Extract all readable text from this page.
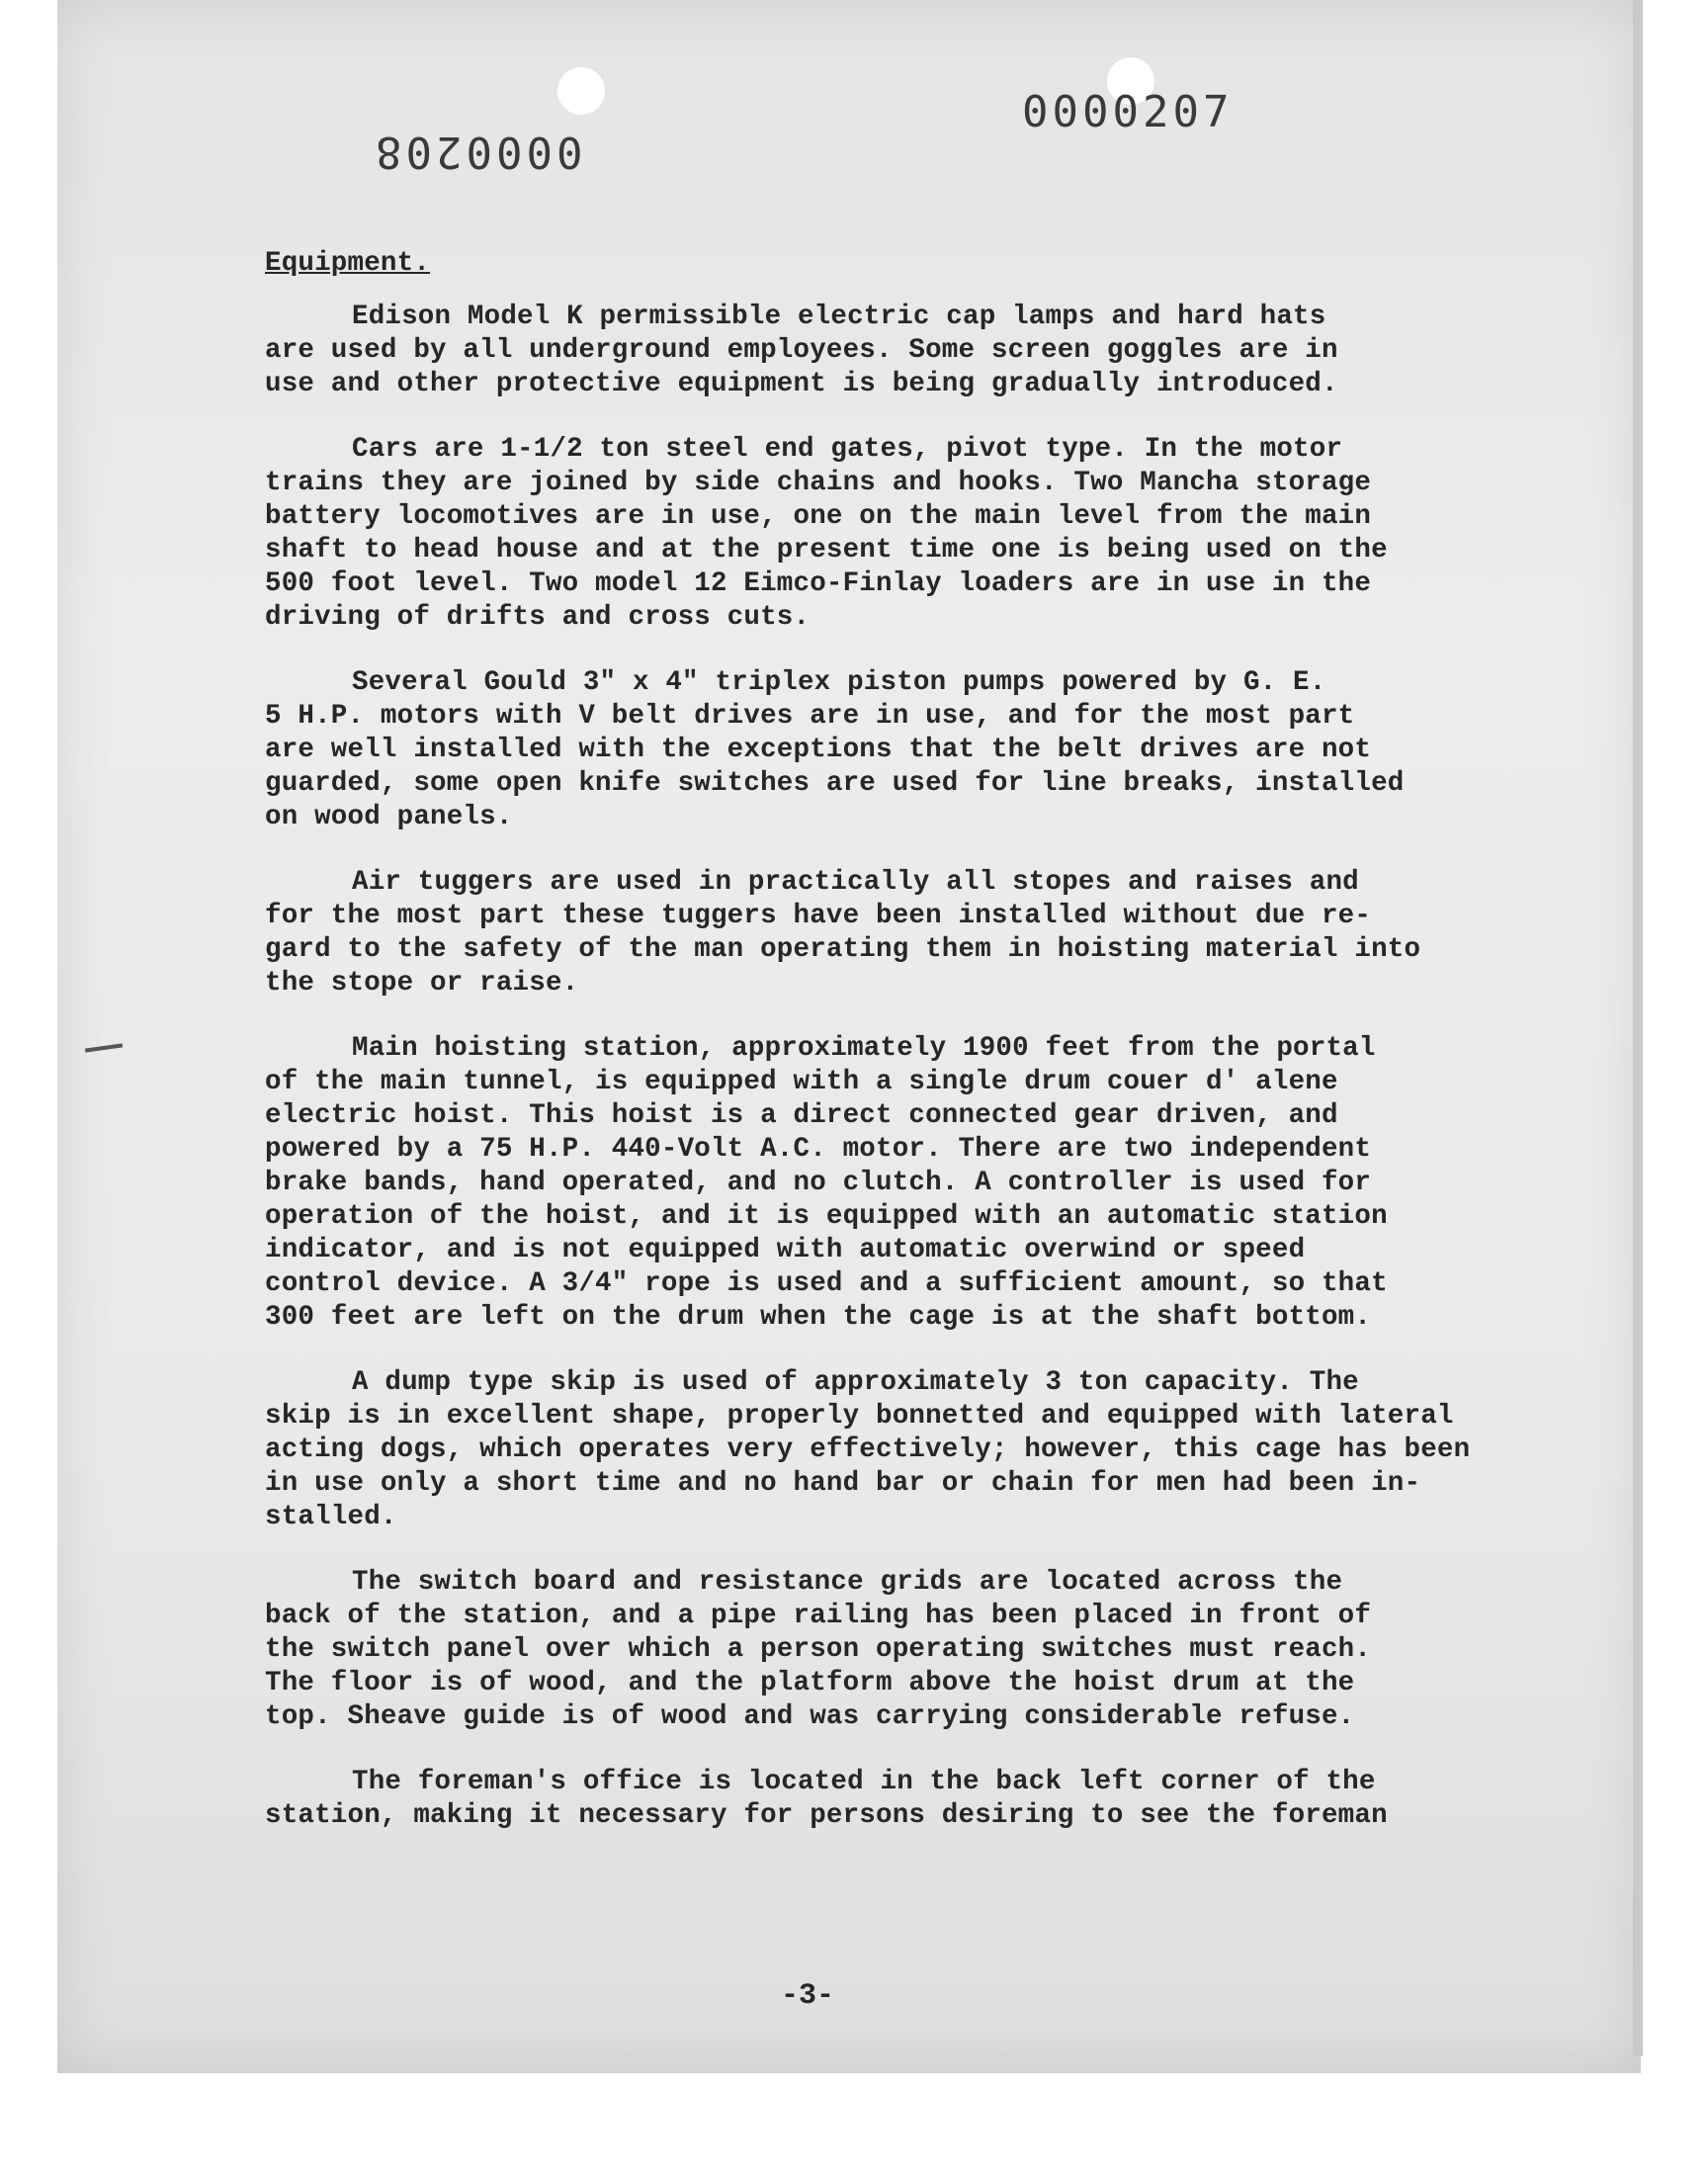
0000207
0000208
Equipment.
Edison Model K permissible electric cap lamps and hard hats
are used by all underground employees. Some screen goggles are in
use and other protective equipment is being gradually introduced.
Cars are 1-1/2 ton steel end gates, pivot type. In the motor
trains they are joined by side chains and hooks. Two Mancha storage
battery locomotives are in use, one on the main level from the main
shaft to head house and at the present time one is being used on the
500 foot level. Two model 12 Eimco-Finlay loaders are in use in the
driving of drifts and cross cuts.
Several Gould 3" x 4" triplex piston pumps powered by G. E.
5 H.P. motors with V belt drives are in use, and for the most part
are well installed with the exceptions that the belt drives are not
guarded, some open knife switches are used for line breaks, installed
on wood panels.
Air tuggers are used in practically all stopes and raises and
for the most part these tuggers have been installed without due re-
gard to the safety of the man operating them in hoisting material into
the stope or raise.
Main hoisting station, approximately 1900 feet from the portal
of the main tunnel, is equipped with a single drum couer d' alene
electric hoist. This hoist is a direct connected gear driven, and
powered by a 75 H.P. 440-Volt A.C. motor. There are two independent
brake bands, hand operated, and no clutch. A controller is used for
operation of the hoist, and it is equipped with an automatic station
indicator, and is not equipped with automatic overwind or speed
control device. A 3/4" rope is used and a sufficient amount, so that
300 feet are left on the drum when the cage is at the shaft bottom.
A dump type skip is used of approximately 3 ton capacity. The
skip is in excellent shape, properly bonnetted and equipped with lateral
acting dogs, which operates very effectively; however, this cage has been
in use only a short time and no hand bar or chain for men had been in-
stalled.
The switch board and resistance grids are located across the
back of the station, and a pipe railing has been placed in front of
the switch panel over which a person operating switches must reach.
The floor is of wood, and the platform above the hoist drum at the
top. Sheave guide is of wood and was carrying considerable refuse.
The foreman's office is located in the back left corner of the
station, making it necessary for persons desiring to see the foreman
-3-
